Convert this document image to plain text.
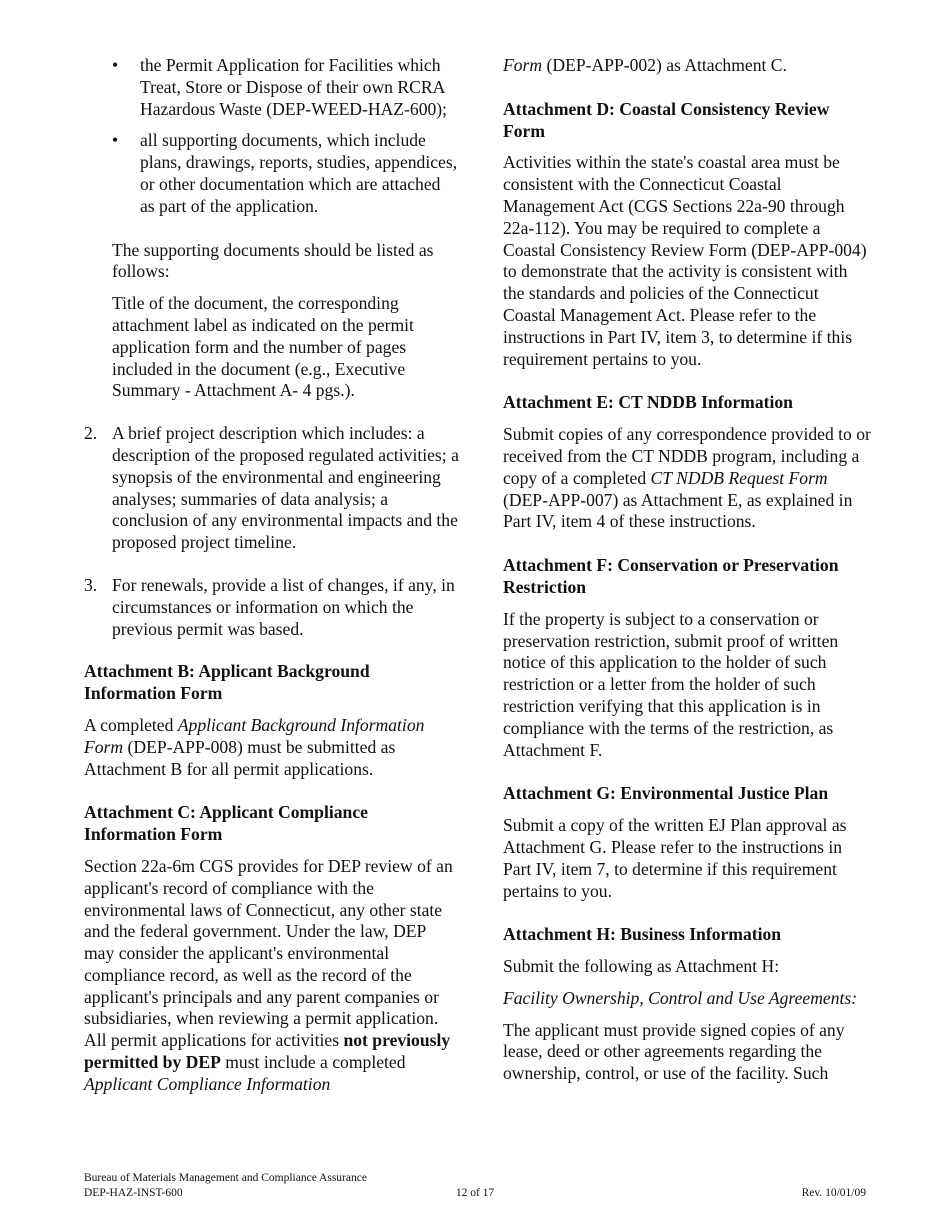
• the Permit Application for Facilities which Treat, Store or Dispose of their own RCRA Hazardous Waste (DEP-WEED-HAZ-600);
• all supporting documents, which include plans, drawings, reports, studies, appendices, or other documentation which are attached as part of the application.

The supporting documents should be listed as follows:

Title of the document, the corresponding attachment label as indicated on the permit application form and the number of pages included in the document (e.g., Executive Summary - Attachment A- 4 pgs.).

2. A brief project description which includes: a description of the proposed regulated activities; a synopsis of the environmental and engineering analyses; summaries of data analysis; a conclusion of any environmental impacts and the proposed project timeline.
3. For renewals, provide a list of changes, if any, in circumstances or information on which the previous permit was based.
Attachment B: Applicant Background Information Form

A completed Applicant Background Information Form (DEP-APP-008) must be submitted as Attachment B for all permit applications.

Attachment C: Applicant Compliance Information Form

Section 22a-6m CGS provides for DEP review of an applicant's record of compliance with the environmental laws of Connecticut, any other state and the federal government. Under the law, DEP may consider the applicant's environmental compliance record, as well as the record of the applicant's principals and any parent companies or subsidiaries, when reviewing a permit application. All permit applications for activities not previously permitted by DEP must include a completed Applicant Compliance Information

Form (DEP-APP-002) as Attachment C.

Attachment D: Coastal Consistency Review Form

Activities within the state's coastal area must be consistent with the Connecticut Coastal Management Act (CGS Sections 22a-90 through 22a-112). You may be required to complete a Coastal Consistency Review Form (DEP-APP-004) to demonstrate that the activity is consistent with the standards and policies of the Connecticut Coastal Management Act. Please refer to the instructions in Part IV, item 3, to determine if this requirement pertains to you.

Attachment E: CT NDDB Information

Submit copies of any correspondence provided to or received from the CT NDDB program, including a copy of a completed CT NDDB Request Form (DEP-APP-007) as Attachment E, as explained in Part IV, item 4 of these instructions.

Attachment F: Conservation or Preservation Restriction

If the property is subject to a conservation or preservation restriction, submit proof of written notice of this application to the holder of such restriction or a letter from the holder of such restriction verifying that this application is in compliance with the terms of the restriction, as Attachment F.

Attachment G: Environmental Justice Plan

Submit a copy of the written EJ Plan approval as Attachment G. Please refer to the instructions in Part IV, item 7, to determine if this requirement pertains to you.

Attachment H: Business Information

Submit the following as Attachment H:

Facility Ownership, Control and Use Agreements:

The applicant must provide signed copies of any lease, deed or other agreements regarding the ownership, control, or use of the facility. Such

Bureau of Materials Management and Compliance Assurance
DEP-HAZ-INST-600	12 of 17	Rev. 10/01/09
